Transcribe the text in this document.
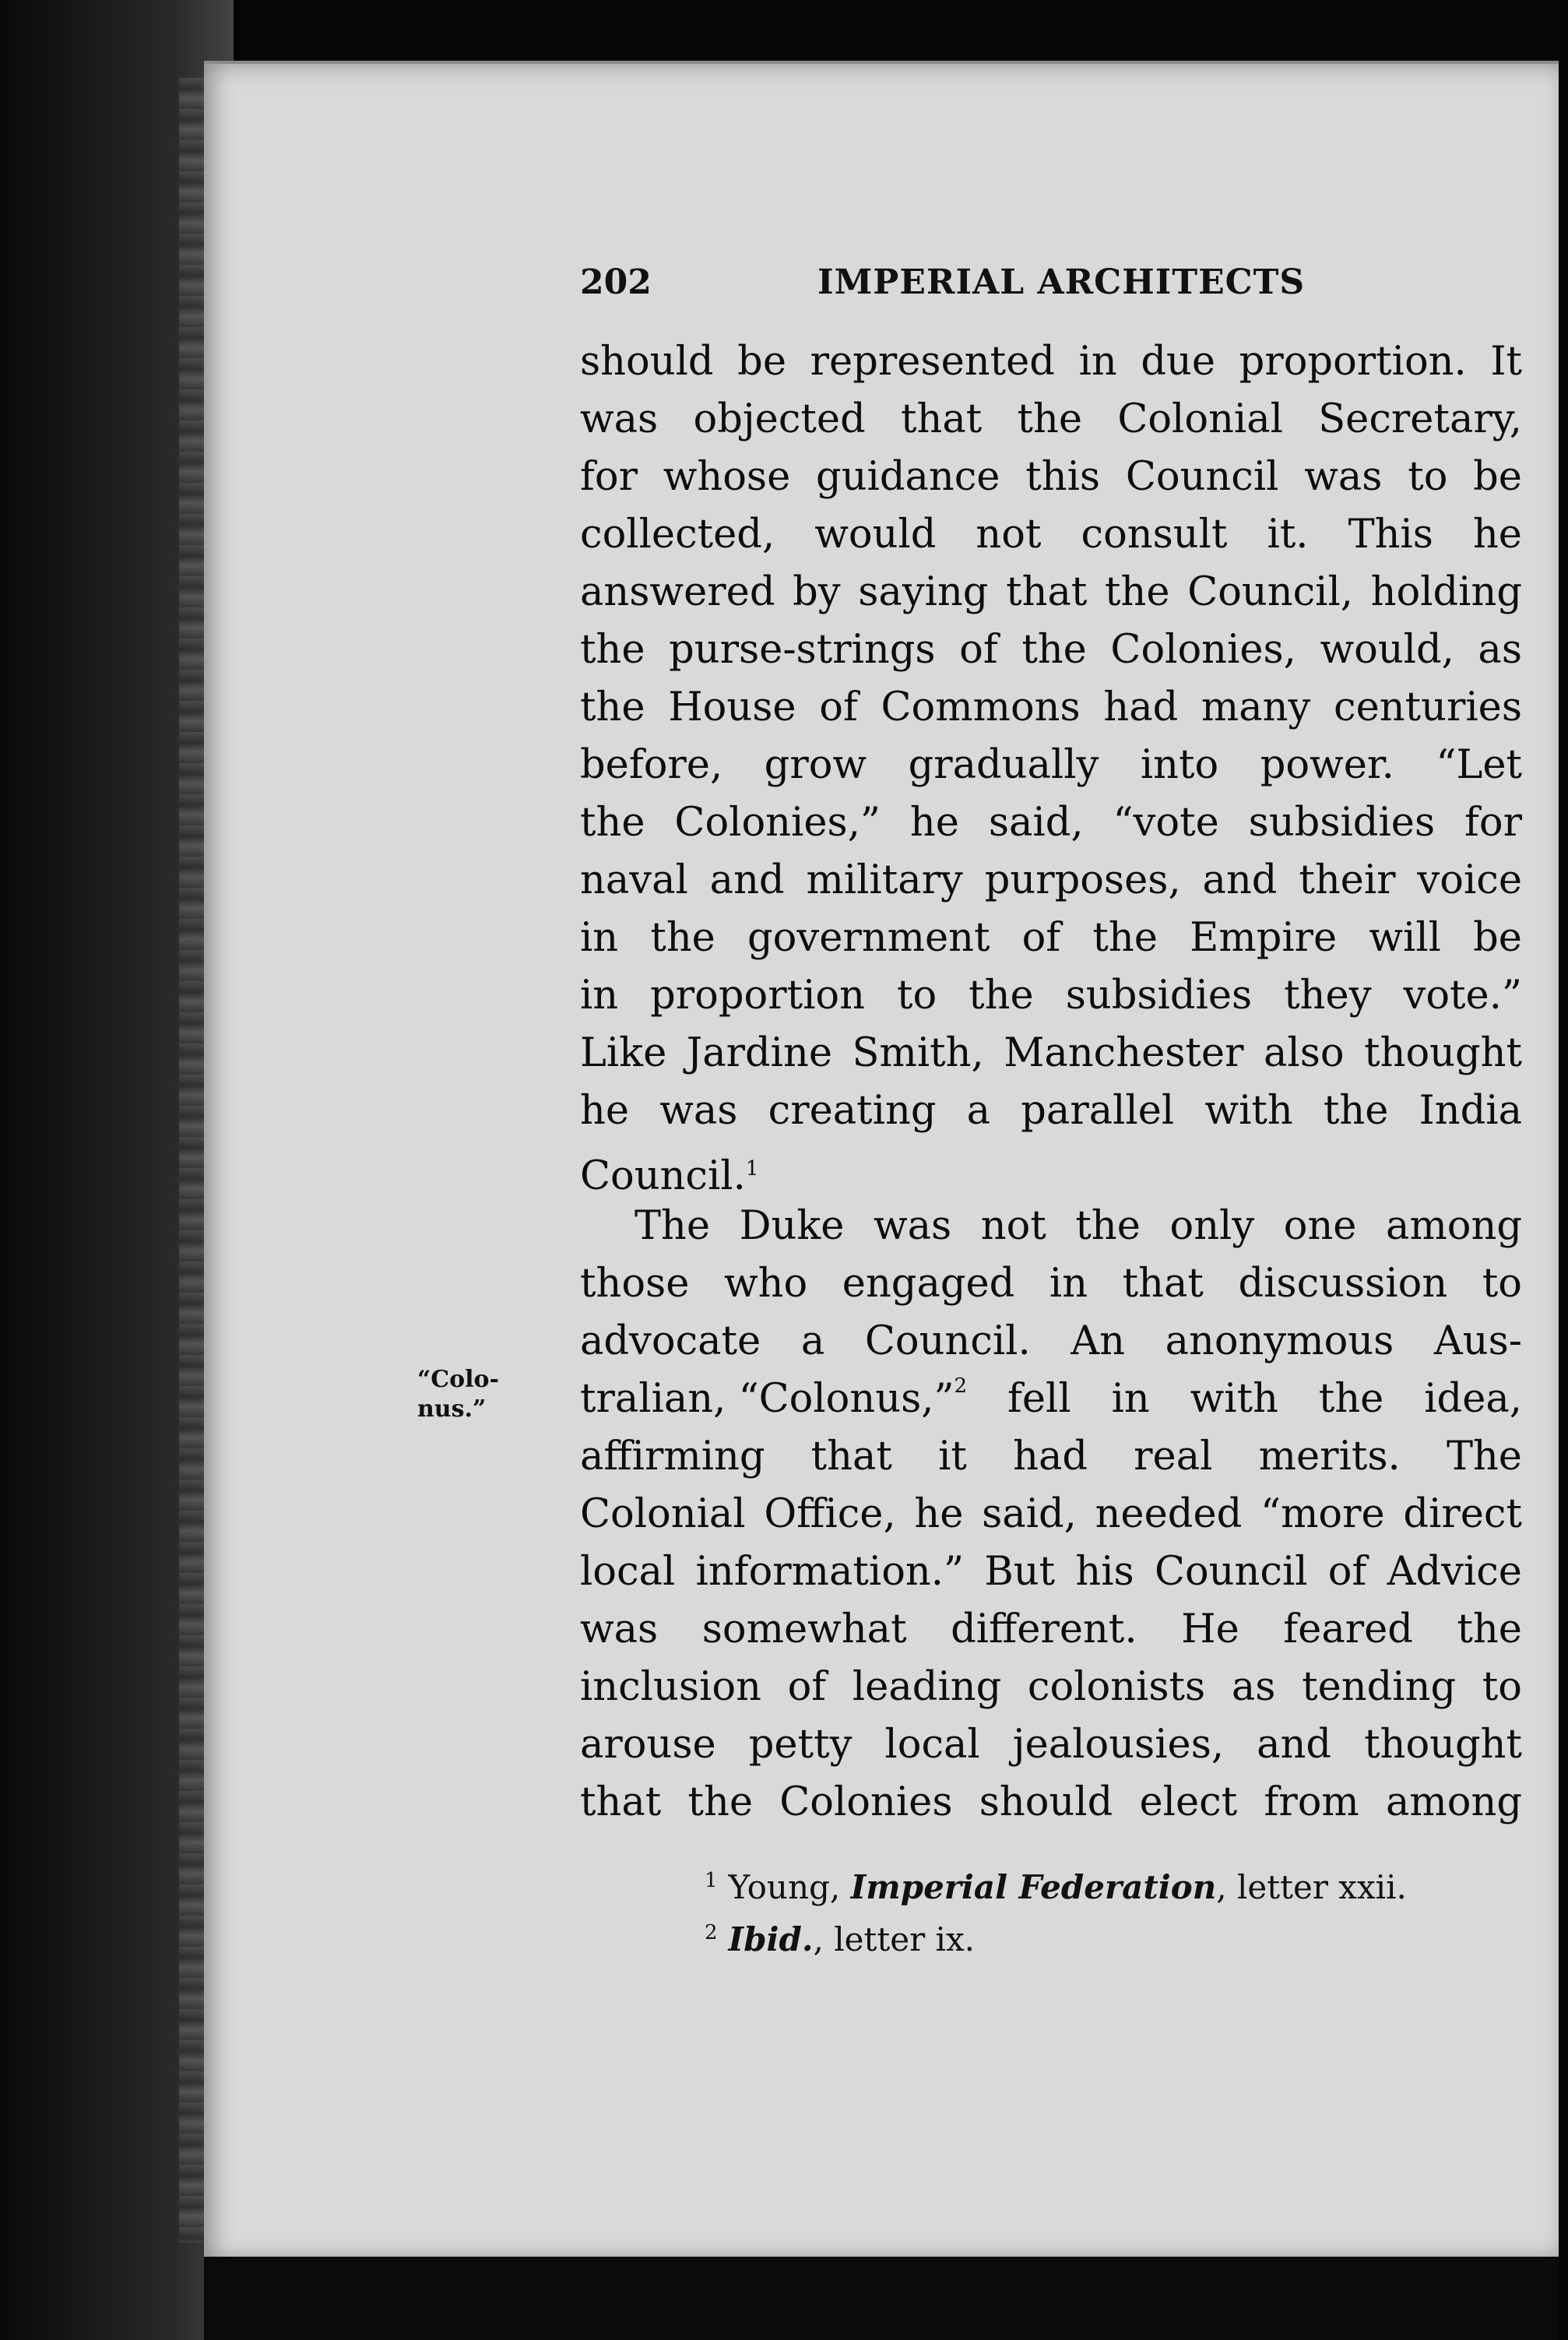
202	IMPERIAL ARCHITECTS
“Colo-
nus.”
should be represented in due proportion. It
was objected that the Colonial Secretary,
for whose guidance this Council was to be
collected, would not consult it. This he
answered by saying that the Council, holding
the purse-strings of the Colonies, would, as
the House of Commons had many centuries
before, grow gradually into power. “Let
the Colonies,” he said, “vote subsidies for
naval and military purposes, and their voice
in the government of the Empire will be
in proportion to the subsidies they vote.”
Like Jardine Smith, Manchester also thought
he was creating a parallel with the India
Council.$^1$
The Duke was not the only one among
those who engaged in that discussion to
advocate a Council. An anonymous Aus-
tralian, “Colonus,” 2 fell in with the idea,
affirming that it had real merits. The
Colonial Office, he said, needed “more direct
local information.” But his Council of Advice
was somewhat different. He feared the
inclusion of leading colonists as tending to
arouse petty local jealousies, and thought
that the Colonies should elect from among
$^1$ Young, Imperial Federation, letter xxii.
$^2$ Ibid., letter ix.
